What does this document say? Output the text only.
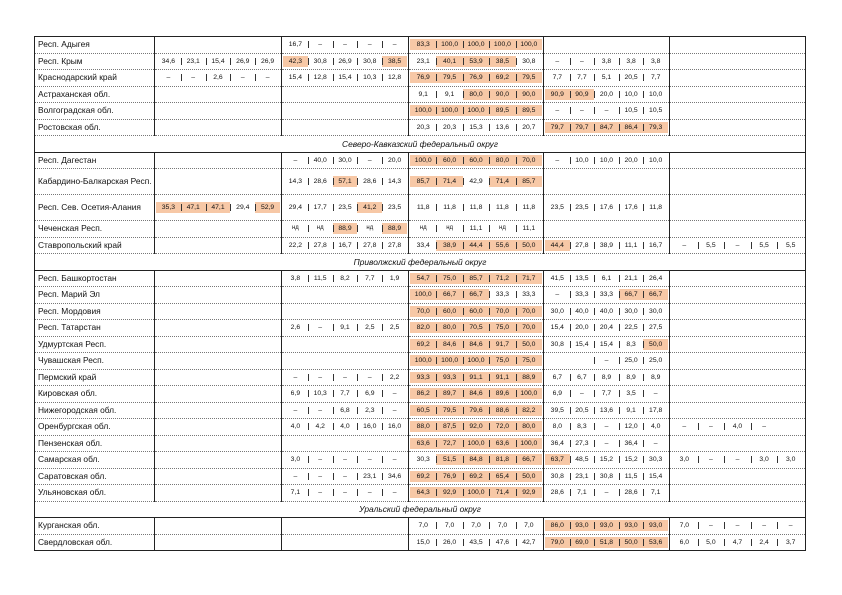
Респ. Адыгея		16,7 – – – –	83,3 100,0 100,0 100,0 100,0		

Респ. Крым	34,6 23,1 15,4 26,9 26,9	42,3 30,8 26,9 30,8 38,5	23,1 40,1 53,9 38,5 30,8	– – 3,8 3,8 3,8	

Краснодарский край	– – 2,6 – –	15,4 12,8 15,4 10,3 12,8	76,9 79,5 76,9 69,2 79,5	7,7 7,7 5,1 20,5 7,7	

Астраханская обл.			9,1 9,1 80,0 90,0 90,0	90,9 90,9 20,0 10,0 10,0	

Волгоградская обл.			100,0 100,0 100,0 89,5 89,5	– – – 10,5 10,5	

Ростовская обл.			20,3 20,3 15,3 13,6 20,7	79,7 79,7 84,7 86,4 79,3	

Северо-Кавказский федеральный округ					
Респ. Дагестан		– 40,0 30,0 – 20,0	100,0 60,0 60,0 80,0 70,0	– 10,0 10,0 20,0 10,0	

Кабардино-Балкарская Респ.		14,3 28,6 57,1 28,6 14,3	85,7 71,4 42,9 71,4 85,7		

Респ. Сев. Осетия-Алания	35,3 47,1 47,1 29,4 52,9	29,4 17,7 23,5 41,2 23,5	11,8 11,8 11,8 11,8 11,8	23,5 23,5 17,6 17,6 11,8	

Чеченская Респ.		нд нд 88,9 нд 88,9	нд нд 11,1 нд 11,1		

Ставропольский край		22,2 27,8 16,7 27,8 27,8	33,4 38,9 44,4 55,6 50,0	44,4 27,8 38,9 11,1 16,7	– 5,5 – 5,5 5,5

Приволжский федеральный округ					
Респ. Башкортостан		3,8 11,5 8,2 7,7 1,9	54,7 75,0 85,7 71,2 71,7	41,5 13,5 6,1 21,1 26,4	

Респ. Марий Эл			100,0 66,7 66,7 33,3 33,3	– 33,3 33,3 66,7 66,7	

Респ. Мордовия			70,0 60,0 60,0 70,0 70,0	30,0 40,0 40,0 30,0 30,0	

Респ. Татарстан		2,6 – 9,1 2,5 2,5	82,0 80,0 70,5 75,0 70,0	15,4 20,0 20,4 22,5 27,5	

Удмуртская Респ.			69,2 84,6 84,6 91,7 50,0	30,8 15,4 15,4 8,3 50,0	

Чувашская Респ.			100,0 100,0 100,0 75,0 75,0	– 25,0 25,0	

Пермский край		– – – – 2,2	93,3 93,3 91,1 91,1 88,9	6,7 6,7 8,9 8,9 8,9	

Кировская обл.		6,9 10,3 7,7 6,9 –	86,2 89,7 84,6 89,6 100,0	6,9 – 7,7 3,5 –	

Нижегородская обл.		– – 6,8 2,3 –	60,5 79,5 79,6 88,6 82,2	39,5 20,5 13,6 9,1 17,8	

Оренбургская обл.		4,0 4,2 4,0 16,0 16,0	88,0 87,5 92,0 72,0 80,0	8,0 8,3 – 12,0 4,0	– – 4,0 –

Пензенская обл.			63,6 72,7 100,0 63,6 100,0	36,4 27,3 – 36,4 –	

Самарская обл.		3,0 – – – –	30,3 51,5 84,8 81,8 66,7	63,7 48,5 15,2 15,2 30,3	3,0 – – 3,0 3,0

Саратовская обл.		– – – 23,1 34,6	69,2 76,9 69,2 65,4 50,0	30,8 23,1 30,8 11,5 15,4	

Ульяновская обл.		7,1 – – – –	64,3 92,9 100,0 71,4 92,9	28,6 7,1 – 28,6 7,1	

Уральский федеральный округ					
Курганская обл.			7,0 7,0 7,0 7,0 7,0	86,0 93,0 93,0 93,0 93,0	7,0 – – – –

Свердловская обл.			15,0 26,0 43,5 47,6 42,7	79,0 69,0 51,8 50,0 53,6	6,0 5,0 4,7 2,4 3,7
